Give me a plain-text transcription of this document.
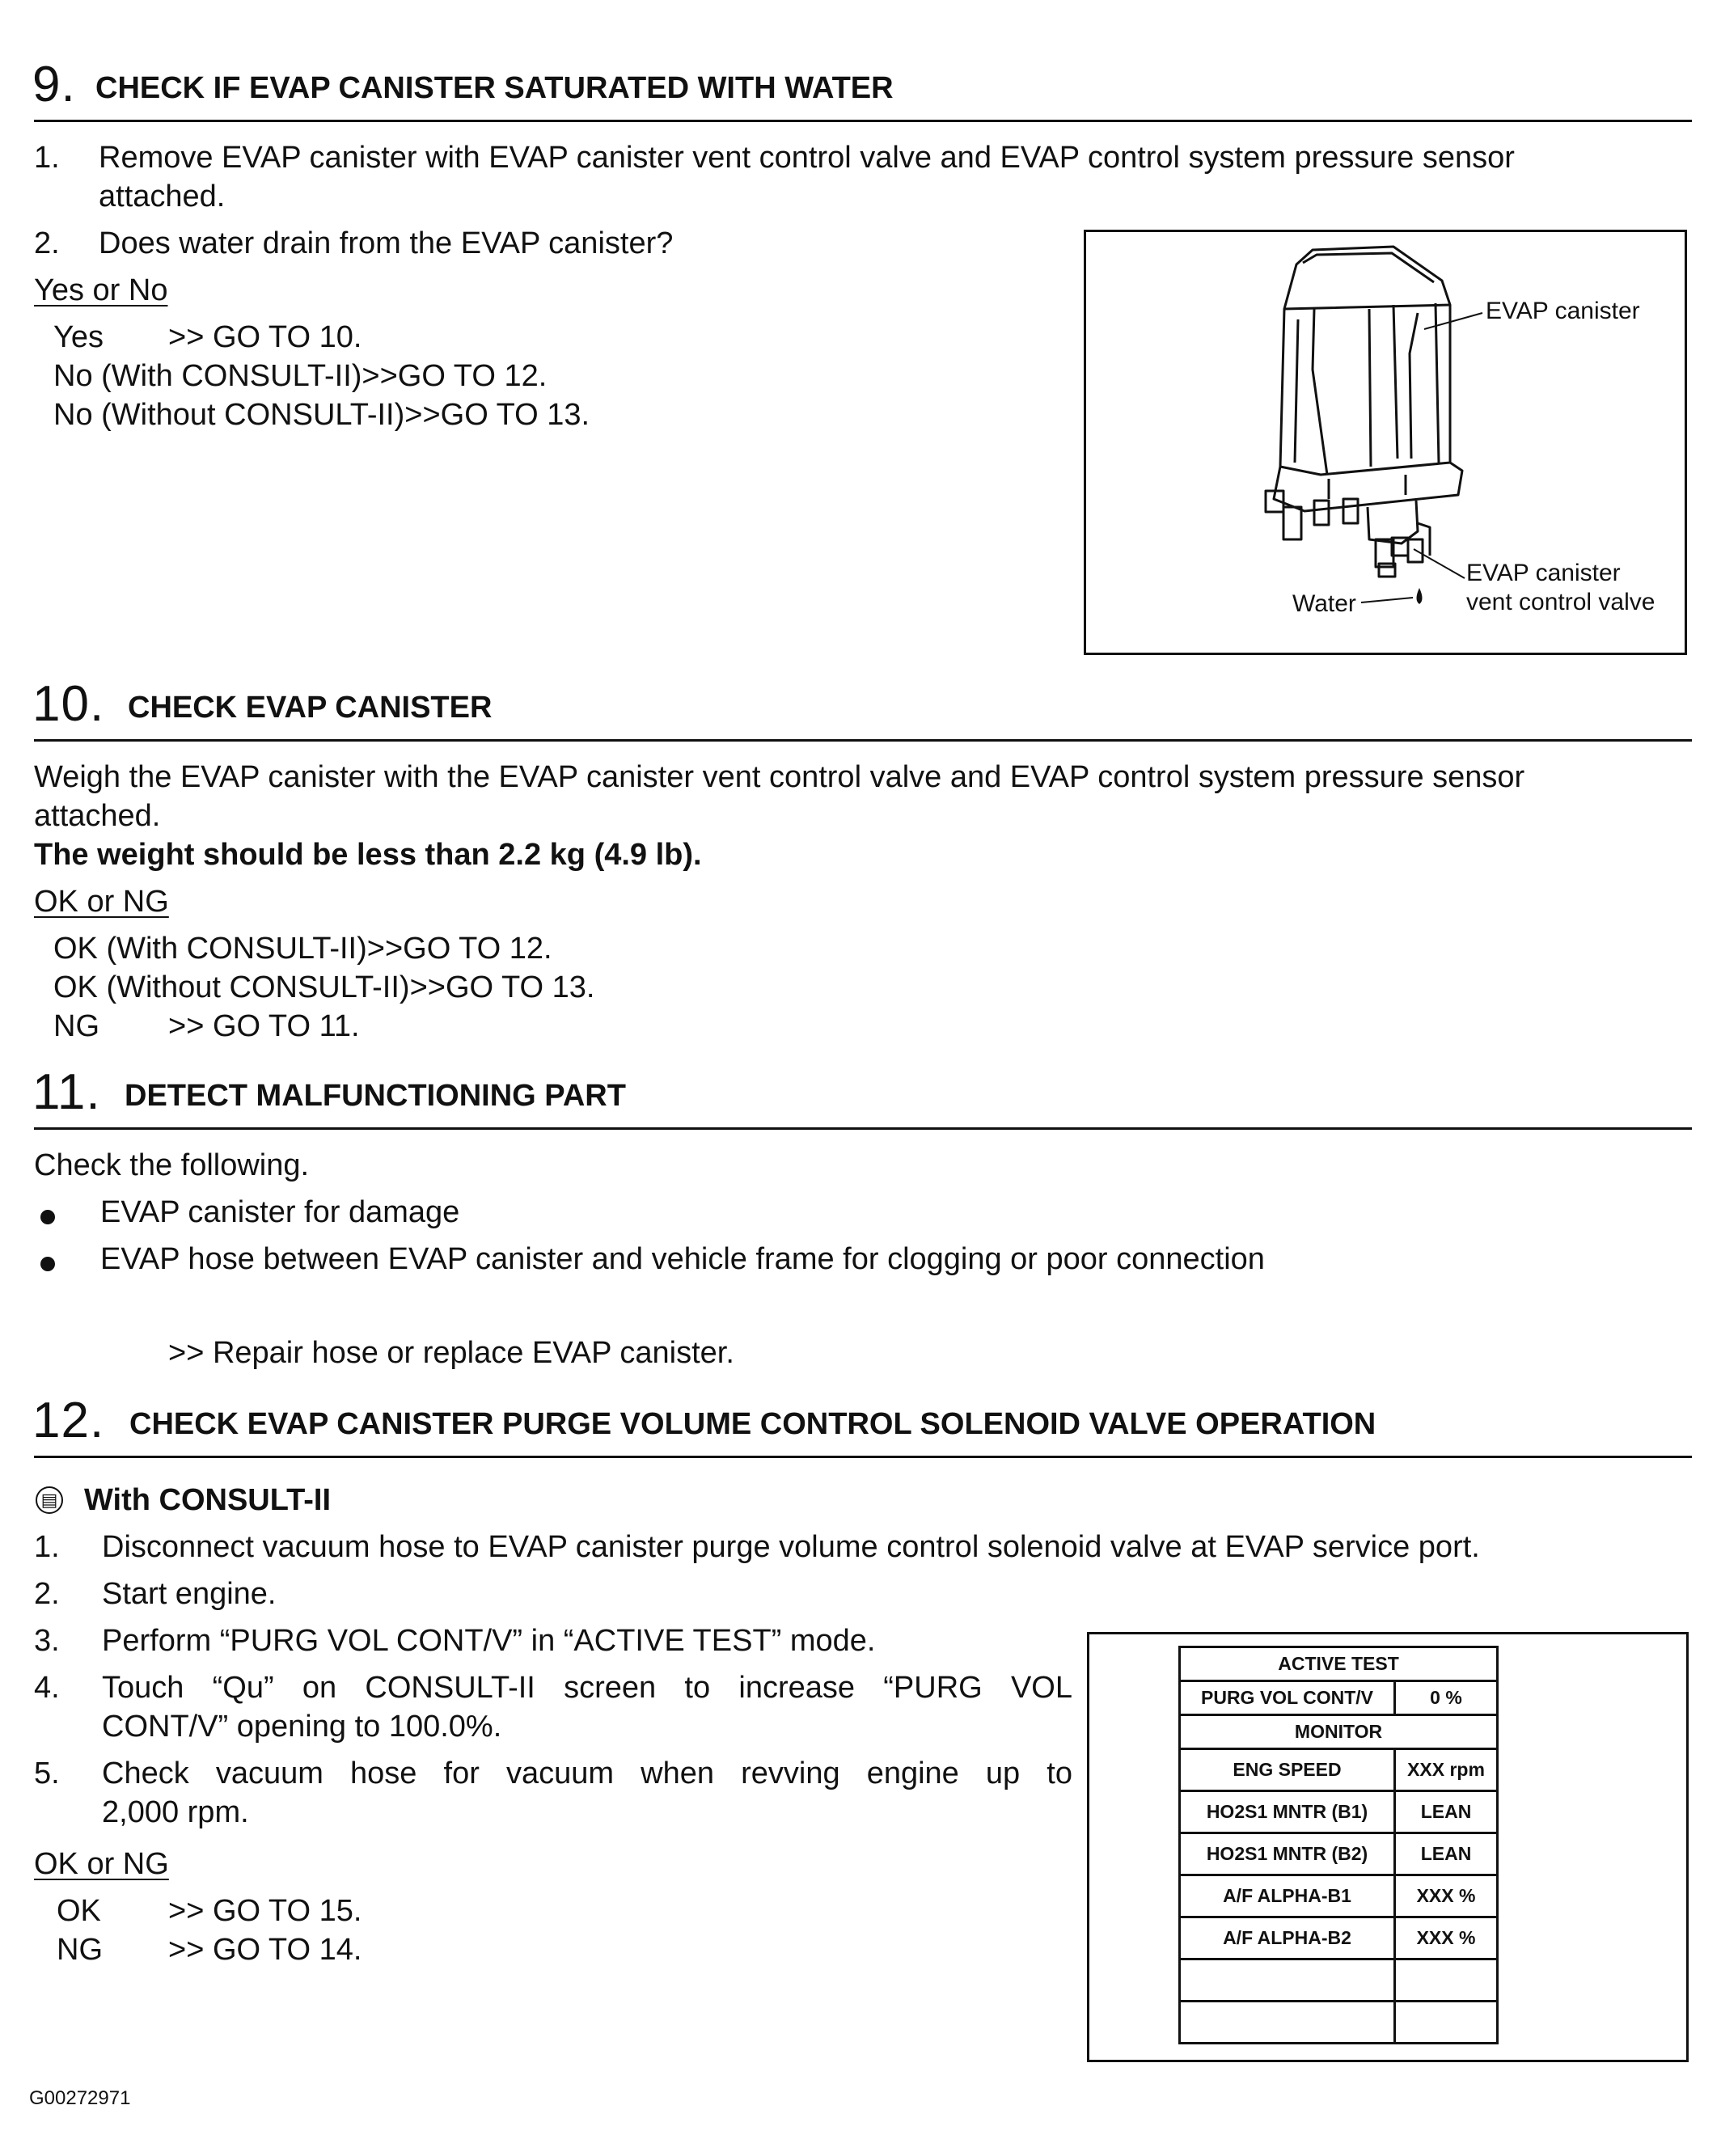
9. CHECK IF EVAP CANISTER SATURATED WITH WATER
1. Remove EVAP canister with EVAP canister vent control valve and EVAP control system pressure sensor
attached.
2. Does water drain from the EVAP canister?
Yes or No
Yes >> GO TO 10.
No (With CONSULT-II)>>GO TO 12.
No (Without CONSULT-II)>>GO TO 13.
EVAP canister
EVAP canister
vent control valve
Water
10. CHECK EVAP CANISTER
Weigh the EVAP canister with the EVAP canister vent control valve and EVAP control system pressure sensor
attached.
The weight should be less than 2.2 kg (4.9 lb).
OK or NG
OK (With CONSULT-II)>>GO TO 12.
OK (Without CONSULT-II)>>GO TO 13.
NG >> GO TO 11.
11. DETECT MALFUNCTIONING PART
Check the following.
EVAP canister for damage
EVAP hose between EVAP canister and vehicle frame for clogging or poor connection
>> Repair hose or replace EVAP canister.
12. CHECK EVAP CANISTER PURGE VOLUME CONTROL SOLENOID VALVE OPERATION
▤ With CONSULT-II
1. Disconnect vacuum hose to EVAP canister purge volume control solenoid valve at EVAP service port.
2. Start engine.
3. Perform “PURG VOL CONT/V” in “ACTIVE TEST” mode.
4. Touch “Qu” on CONSULT-II screen to increase “PURG VOL
CONT/V” opening to 100.0%.
5. Check vacuum hose for vacuum when revving engine up to
2,000 rpm.
OK or NG
OK >> GO TO 15.
NG >> GO TO 14.
ACTIVE TEST	
PURG VOL CONT/V	0 %
MONITOR	
ENG SPEED	XXX rpm
HO2S1 MNTR (B1)	LEAN
HO2S1 MNTR (B2)	LEAN
A/F ALPHA-B1	XXX %
A/F ALPHA-B2	XXX %

G00272971
